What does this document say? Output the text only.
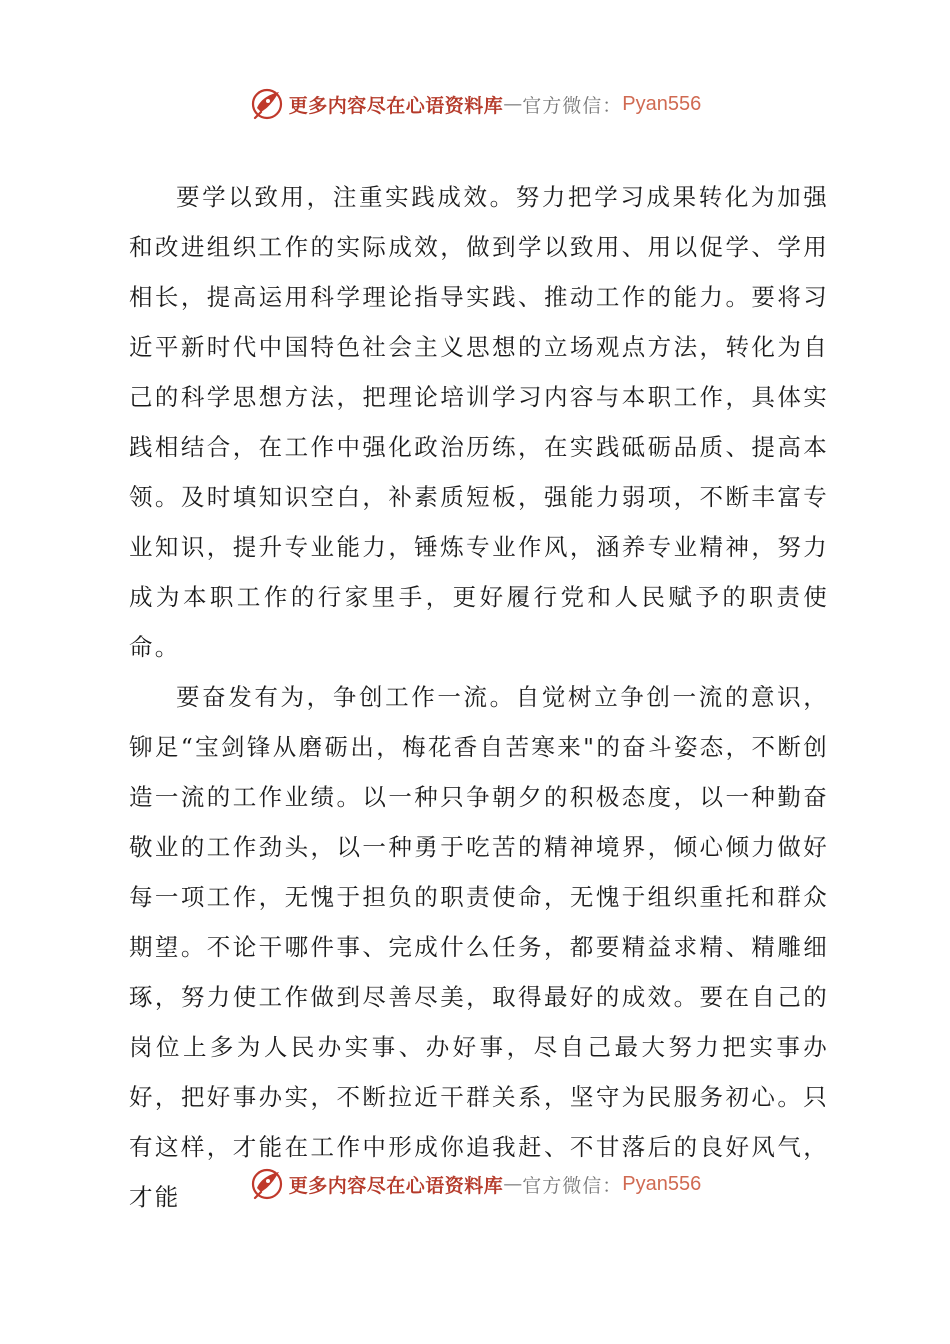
更多内容尽在心语资料库 — 官方微信： Pyan556

要学以致用，注重实践成效。努力把学习成果转化为加强和改进组织工作的实际成效，做到学以致用、用以促学、学用相长，提高运用科学理论指导实践、推动工作的能力。要将习近平新时代中国特色社会主义思想的立场观点方法，转化为自己的科学思想方法，把理论培训学习内容与本职工作，具体实践相结合，在工作中强化政治历练，在实践砥砺品质、提高本领。及时填知识空白，补素质短板，强能力弱项，不断丰富专业知识，提升专业能力，锤炼专业作风，涵养专业精神，努力成为本职工作的行家里手，更好履行党和人民赋予的职责使命。

要奋发有为，争创工作一流。自觉树立争创一流的意识，铆足“宝剑锋从磨砺出，梅花香自苦寒来"的奋斗姿态，不断创造一流的工作业绩。以一种只争朝夕的积极态度，以一种勤奋敬业的工作劲头，以一种勇于吃苦的精神境界，倾心倾力做好每一项工作，无愧于担负的职责使命，无愧于组织重托和群众期望。不论干哪件事、完成什么任务，都要精益求精、精雕细琢，努力使工作做到尽善尽美，取得最好的成效。要在自己的岗位上多为人民办实事、办好事，尽自己最大努力把实事办好，把好事办实，不断拉近干群关系，坚守为民服务初心。只有这样，才能在工作中形成你追我赶、不甘落后的良好风气，才能	更多内容尽在心语资料库 — 官方微信： Pyan556
